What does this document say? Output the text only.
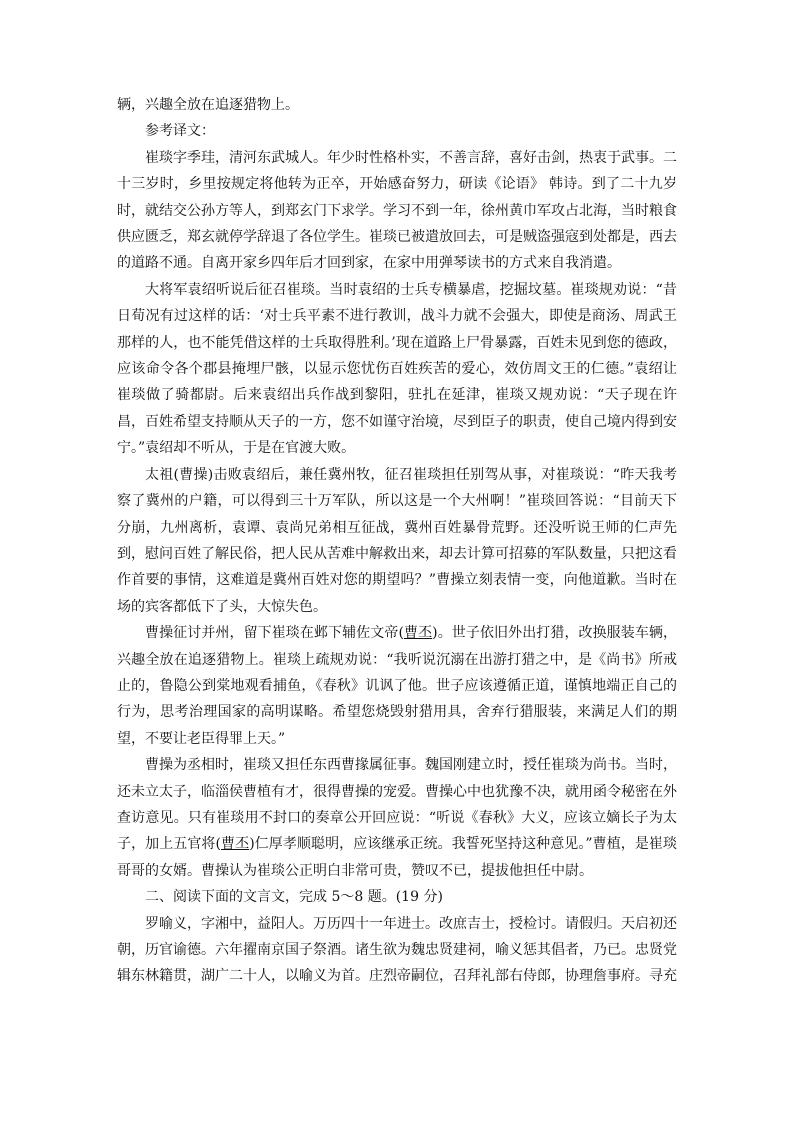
辆，兴趣全放在追逐猎物上。

参考译文：

崔琰字季珪，清河东武城人。年少时性格朴实，不善言辞，喜好击剑，热衷于武事。二十三岁时，乡里按规定将他转为正卒，开始感奋努力，研读《论语》 韩诗。到了二十九岁时，就结交公孙方等人，到郑玄门下求学。学习不到一年，徐州黄巾军攻占北海，当时粮食供应匮乏，郑玄就停学辞退了各位学生。崔琰已被遣放回去，可是贼盗强寇到处都是，西去的道路不通。自离开家乡四年后才回到家，在家中用弹琴读书的方式来自我消遣。

大将军袁绍听说后征召崔琰。当时袁绍的士兵专横暴虐，挖掘坟墓。崔琰规劝说：“昔日荀况有过这样的话：‘对士兵平素不进行教训，战斗力就不会强大，即使是商汤、周武王那样的人，也不能凭借这样的士兵取得胜利。’现在道路上尸骨暴露，百姓未见到您的德政，应该命令各个郡县掩埋尸骸，以显示您忧伤百姓疾苦的爱心，效仿周文王的仁德。”袁绍让崔琰做了骑都尉。后来袁绍出兵作战到黎阳，驻扎在延津，崔琰又规劝说：“天子现在许昌，百姓希望支持顺从天子的一方，您不如谨守治境，尽到臣子的职责，使自己境内得到安宁。”袁绍却不听从，于是在官渡大败。

太祖(曹操)击败袁绍后，兼任冀州牧，征召崔琰担任别驾从事，对崔琰说：“昨天我考察了冀州的户籍，可以得到三十万军队，所以这是一个大州啊！”崔琰回答说：“目前天下分崩，九州离析，袁谭、袁尚兄弟相互征战，冀州百姓暴骨荒野。还没听说王师的仁声先到，慰问百姓了解民俗，把人民从苦难中解救出来，却去计算可招募的军队数量，只把这看作首要的事情，这难道是冀州百姓对您的期望吗？”曹操立刻表情一变，向他道歉。当时在场的宾客都低下了头，大惊失色。

曹操征讨并州，留下崔琰在邺下辅佐文帝(曹丕)。世子依旧外出打猎，改换服装车辆，兴趣全放在追逐猎物上。崔琰上疏规劝说：“我听说沉溺在出游打猎之中，是《尚书》所戒止的，鲁隐公到棠地观看捕鱼，《春秋》讥讽了他。世子应该遵循正道，谨慎地端正自己的行为，思考治理国家的高明谋略。希望您烧毁射猎用具，舍弃行猎服装，来满足人们的期望，不要让老臣得罪上天。”

曹操为丞相时，崔琰又担任东西曹掾属征事。魏国刚建立时，授任崔琰为尚书。当时，还未立太子，临淄侯曹植有才，很得曹操的宠爱。曹操心中也犹豫不决，就用函令秘密在外查访意见。只有崔琰用不封口的奏章公开回应说：“听说《春秋》大义，应该立嫡长子为太子，加上五官将(曹丕)仁厚孝顺聪明，应该继承正统。我誓死坚持这种意见。”曹植，是崔琰哥哥的女婿。曹操认为崔琰公正明白非常可贵，赞叹不已，提拔他担任中尉。

二、阅读下面的文言文，完成 5～8 题。(19 分)

罗喻义，字湘中，益阳人。万历四十一年进士。改庶吉士，授检讨。请假归。天启初还朝，历官谕德。六年擢南京国子祭酒。诸生欲为魏忠贤建祠，喻义惩其倡者，乃已。忠贤党辑东林籍贯，湖广二十人，以喻义为首。庄烈帝嗣位，召拜礼部右侍郎，协理詹事府。寻充
